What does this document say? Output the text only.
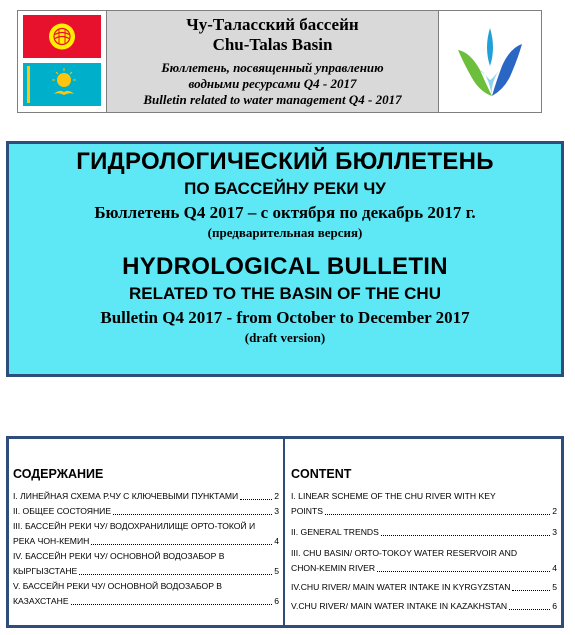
Чу-Таласский бассейн
Chu-Talas Basin
Бюллетень, посвященный управлению
водными ресурсами Q4 - 2017
Bulletin related to water management Q4 - 2017
ГИДРОЛОГИЧЕСКИЙ БЮЛЛЕТЕНЬ
ПО БАССЕЙНУ РЕКИ ЧУ
Бюллетень Q4 2017 – с октября по декабрь 2017 г.
(предварительная версия)
HYDROLOGICAL BULLETIN
RELATED TO THE BASIN OF THE CHU
Bulletin Q4 2017 - from October to December 2017
(draft version)
СОДЕРЖАНИЕ
I. ЛИНЕЙНАЯ СХЕМА Р.ЧУ С КЛЮЧЕВЫМИ ПУНКТАМИ	2
II. ОБЩЕЕ СОСТОЯНИЕ	3
III. БАССЕЙН РЕКИ ЧУ/ ВОДОХРАНИЛИЩЕ ОРТО-ТОКОЙ И
РЕКА ЧОН-КЕМИН	4
IV. БАССЕЙН РЕКИ ЧУ/ ОСНОВНОЙ ВОДОЗАБОР В
КЫРГЫЗСТАНЕ	5
V. БАССЕЙН РЕКИ ЧУ/ ОСНОВНОЙ ВОДОЗАБОР В
КАЗАХСТАНЕ	6
CONTENT
I. LINEAR SCHEME OF THE CHU RIVER WITH KEY
POINTS	2
II. GENERAL TRENDS	3
III. CHU BASIN/ ORTO-TOKOY WATER RESERVOIR AND
CHON-KEMIN RIVER	4
IV.CHU RIVER/ MAIN WATER INTAKE IN KYRGYZSTAN	5
V.CHU RIVER/ MAIN WATER INTAKE IN KAZAKHSTAN	6
